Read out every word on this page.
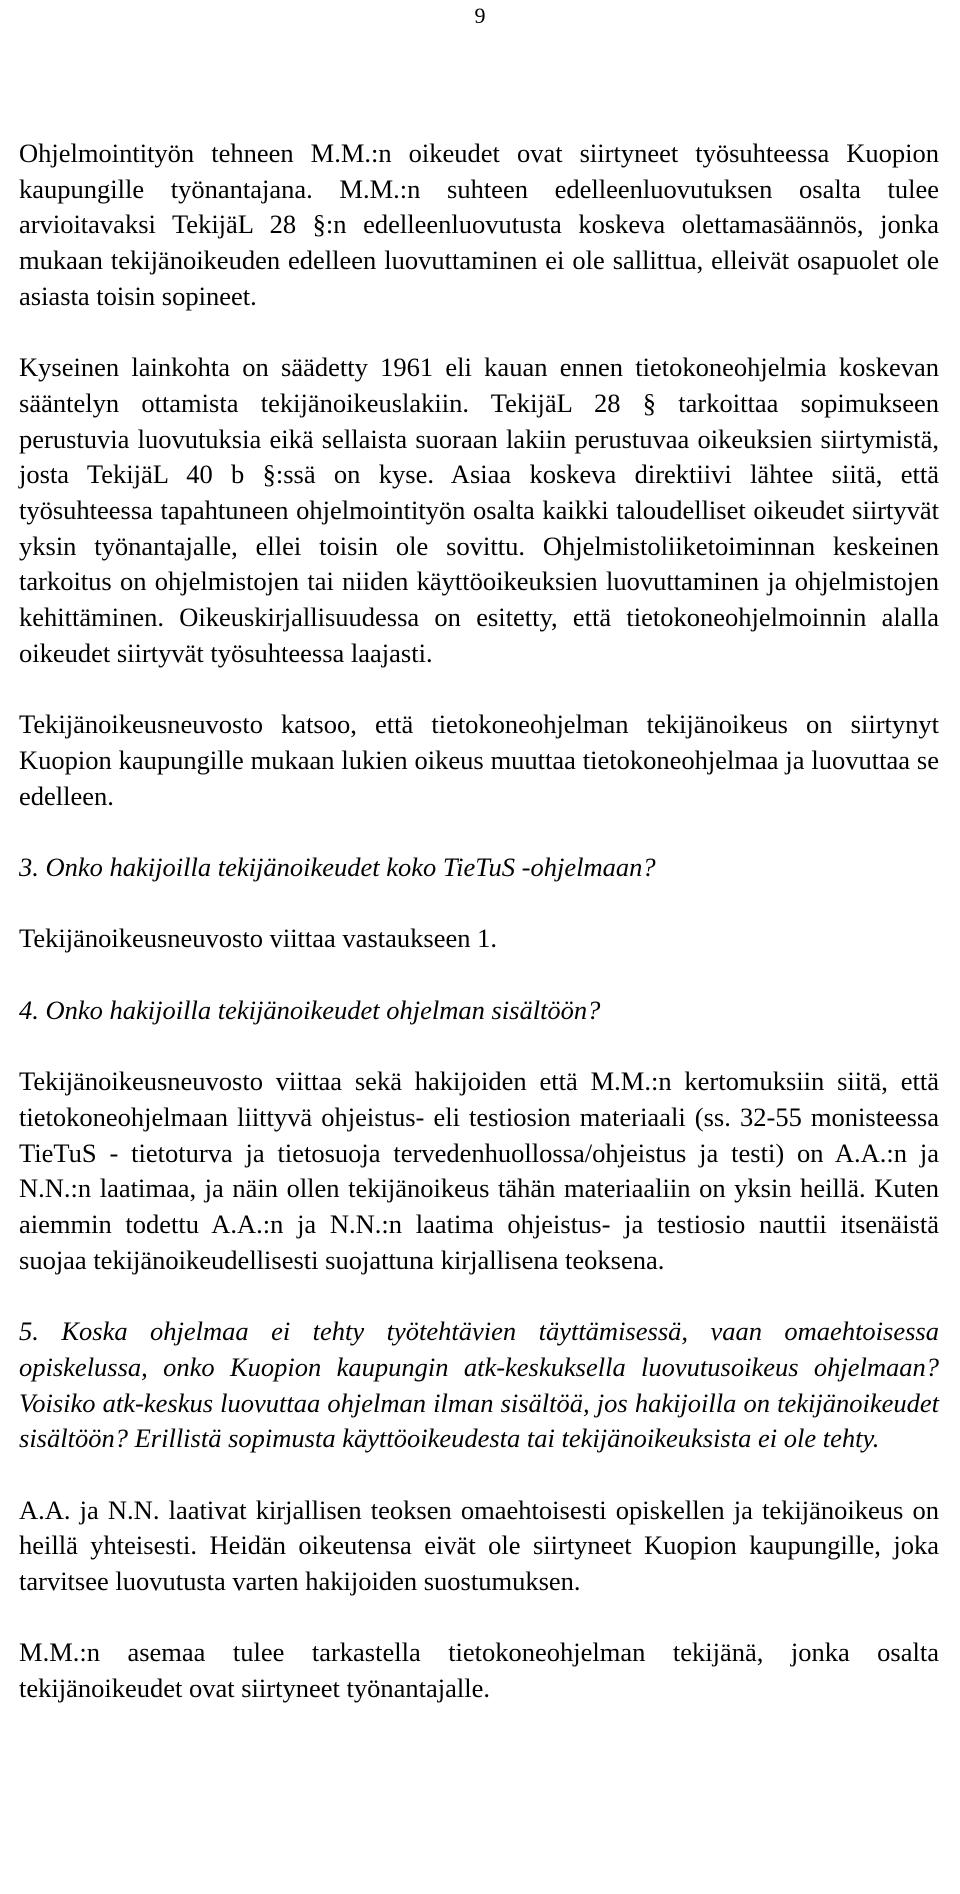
9

Ohjelmointityön tehneen M.M.:n oikeudet ovat siirtyneet työsuhteessa Kuopion kaupungille työnantajana. M.M.:n suhteen edelleenluovutuksen osalta tulee arvioitavaksi TekijäL 28 §:n edelleenluovutusta koskeva olettamasäännös, jonka mukaan tekijänoikeuden edelleen luovuttaminen ei ole sallittua, elleivät osapuolet ole asiasta toisin sopineet.

Kyseinen lainkohta on säädetty 1961 eli kauan ennen tietokoneohjelmia koskevan sääntelyn ottamista tekijänoikeuslakiin. TekijäL 28 § tarkoittaa sopimukseen perustuvia luovutuksia eikä sellaista suoraan lakiin perustuvaa oikeuksien siirtymistä, josta TekijäL 40 b §:ssä on kyse. Asiaa koskeva direktiivi lähtee siitä, että työsuhteessa tapahtuneen ohjelmointityön osalta kaikki taloudelliset oikeudet siirtyvät yksin työnantajalle, ellei toisin ole sovittu. Ohjelmistoliiketoiminnan keskeinen tarkoitus on ohjelmistojen tai niiden käyttöoikeuksien luovuttaminen ja ohjelmistojen kehittäminen. Oikeuskirjallisuudessa on esitetty, että tietokoneohjelmoinnin alalla oikeudet siirtyvät työsuhteessa laajasti.

Tekijänoikeusneuvosto katsoo, että tietokoneohjelman tekijänoikeus on siirtynyt Kuopion kaupungille mukaan lukien oikeus muuttaa tietokoneohjelmaa ja luovuttaa se edelleen.

3. Onko hakijoilla tekijänoikeudet koko TieTuS -ohjelmaan?

Tekijänoikeusneuvosto viittaa vastaukseen 1.

4. Onko hakijoilla tekijänoikeudet ohjelman sisältöön?

Tekijänoikeusneuvosto viittaa sekä hakijoiden että M.M.:n kertomuksiin siitä, että tietokoneohjelmaan liittyvä ohjeistus- eli testiosion materiaali (ss. 32-55 monisteessa TieTuS - tietoturva ja tietosuoja tervedenhuollossa/ohjeistus ja testi) on A.A.:n ja N.N.:n laatimaa, ja näin ollen tekijänoikeus tähän materiaaliin on yksin heillä. Kuten aiemmin todettu A.A.:n ja N.N.:n laatima ohjeistus- ja testiosio nauttii itsenäistä suojaa tekijänoikeudellisesti suojattuna kirjallisena teoksena.

5. Koska ohjelmaa ei tehty työtehtävien täyttämisessä, vaan omaehtoisessa opiskelussa, onko Kuopion kaupungin atk-keskuksella luovutusoikeus ohjelmaan? Voisiko atk-keskus luovuttaa ohjelman ilman sisältöä, jos hakijoilla on tekijänoikeudet sisältöön? Erillistä sopimusta käyttöoikeudesta tai tekijänoikeuksista ei ole tehty.

A.A. ja N.N. laativat kirjallisen teoksen omaehtoisesti opiskellen ja tekijänoikeus on heillä yhteisesti. Heidän oikeutensa eivät ole siirtyneet Kuopion kaupungille, joka tarvitsee luovutusta varten hakijoiden suostumuksen.

M.M.:n asemaa tulee tarkastella tietokoneohjelman tekijänä, jonka osalta tekijänoikeudet ovat siirtyneet työnantajalle.
